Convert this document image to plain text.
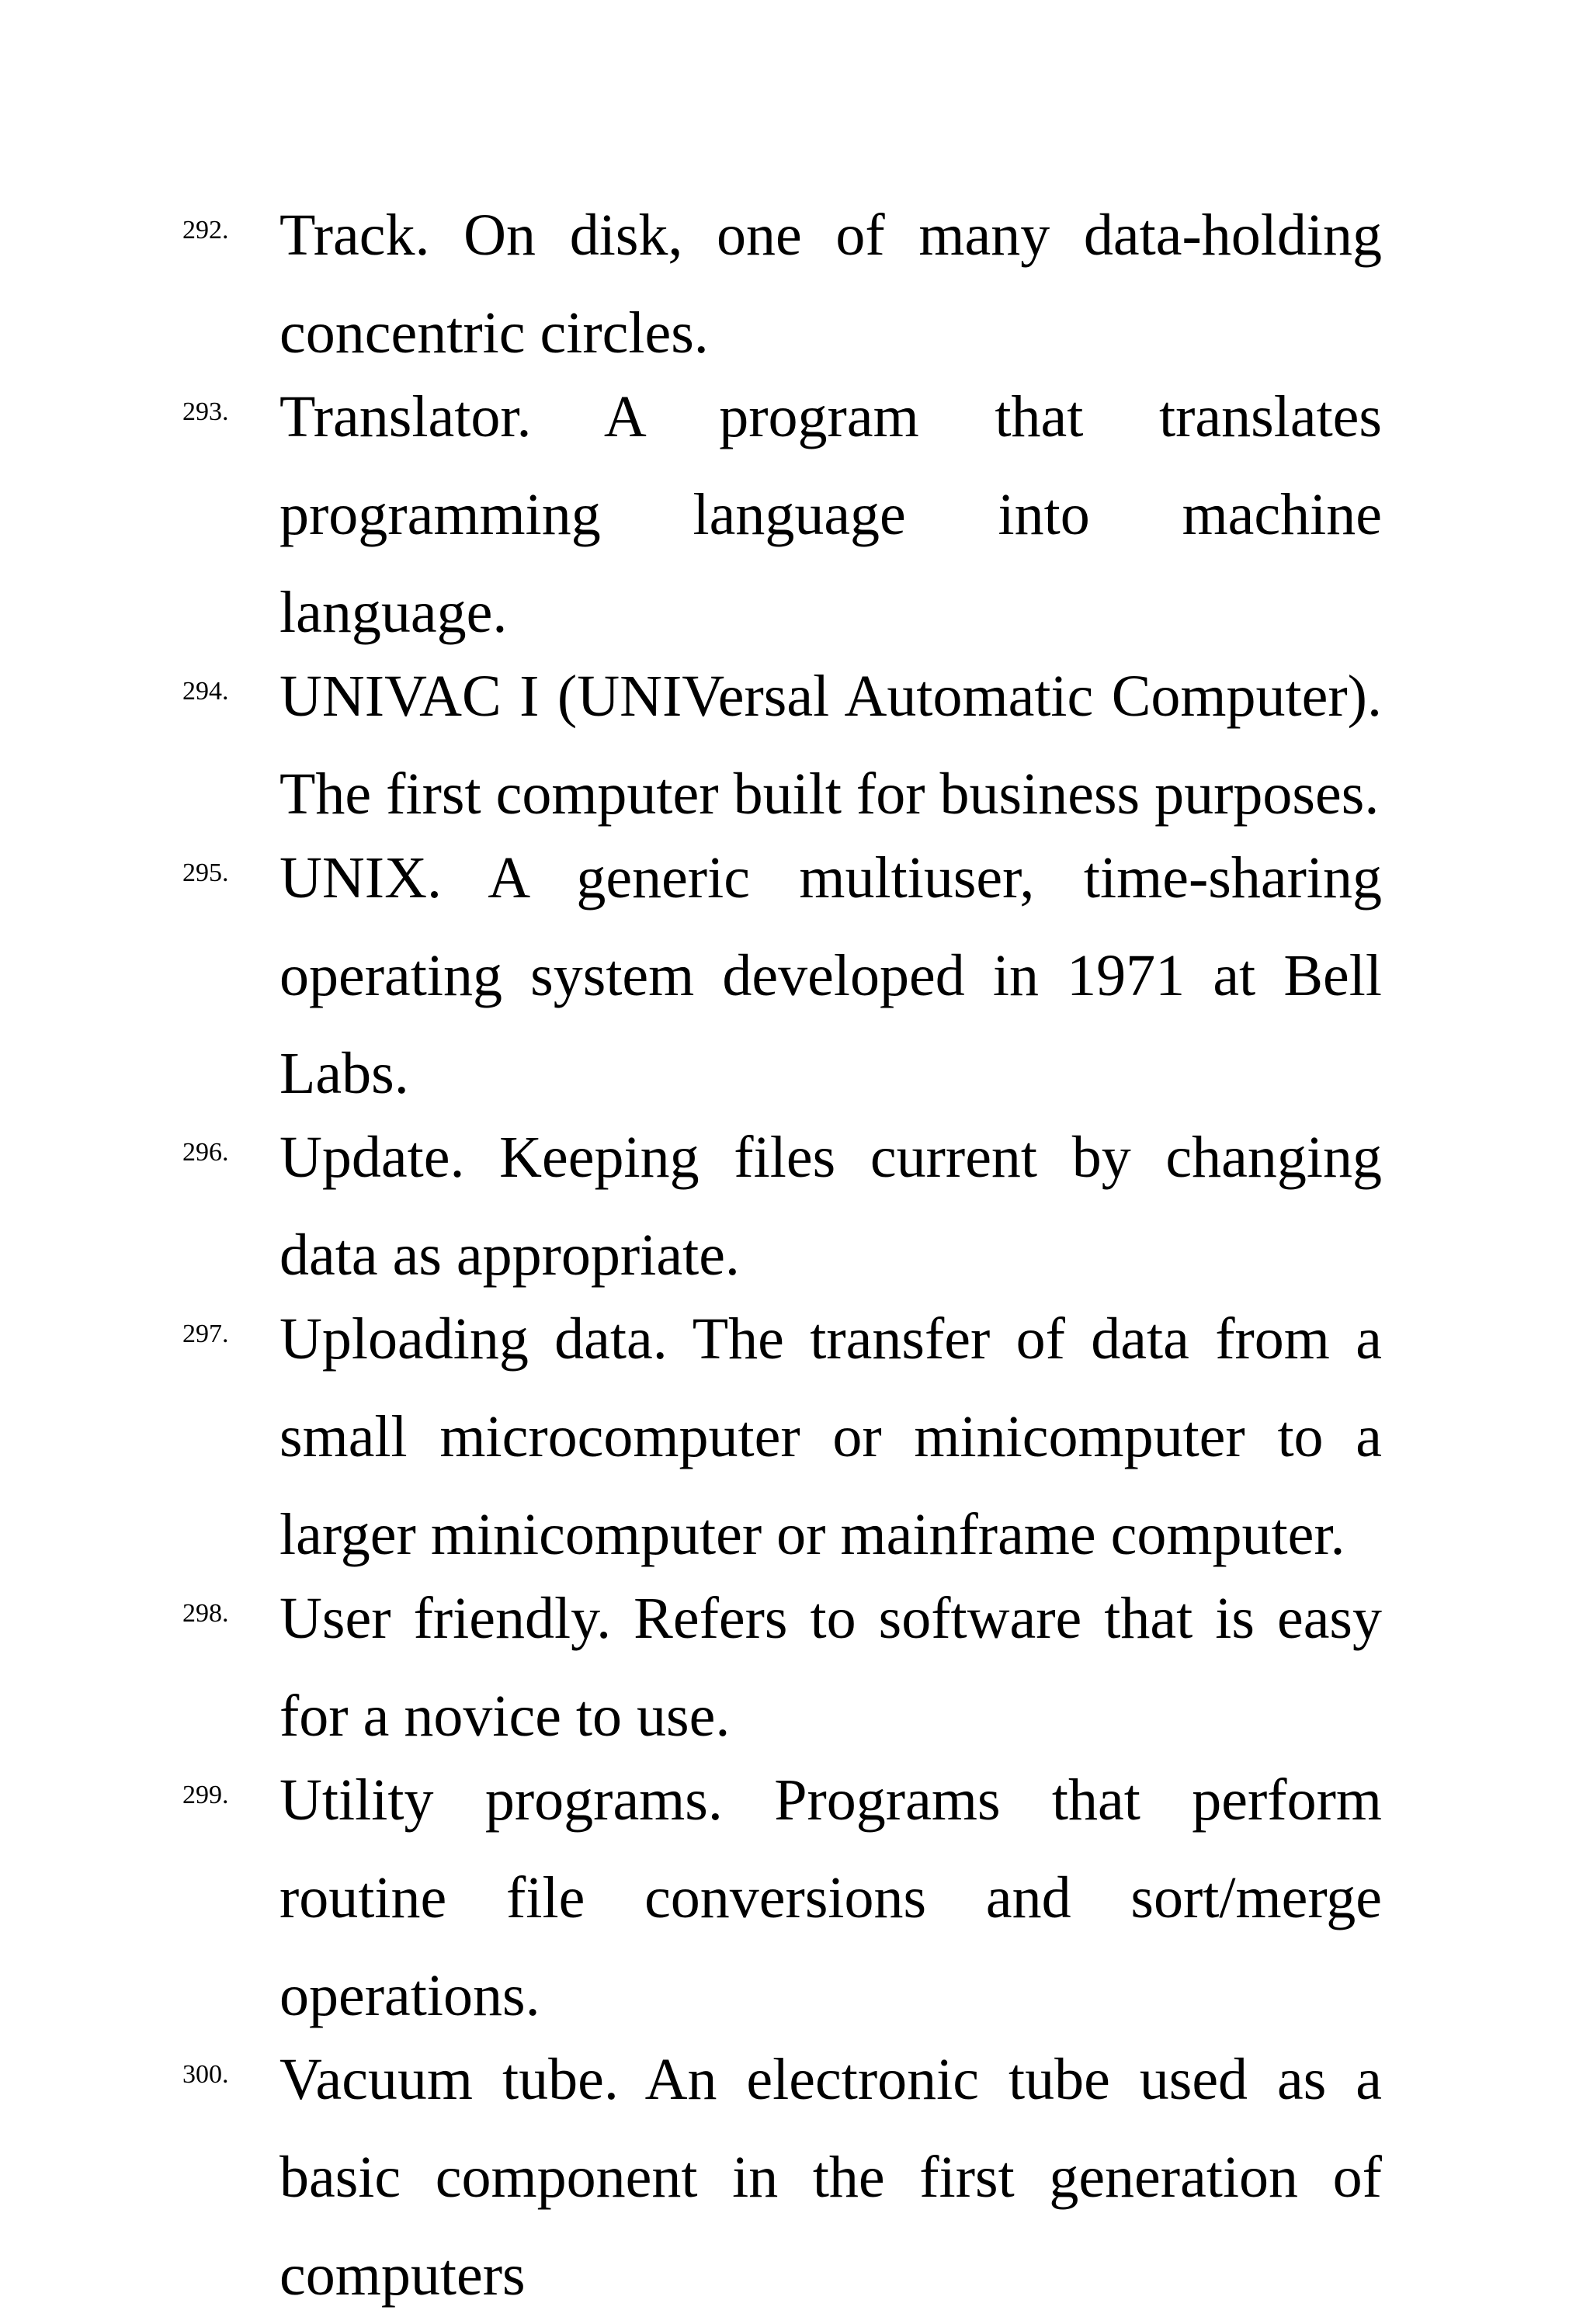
292. Track. On disk, one of many data-holding concentric circles.
293. Translator. A program that translates programming language into machine language.
294. UNIVAC I (UNIVersal Automatic Computer). The first computer built for business purposes.
295. UNIX. A generic multiuser, time-sharing operating system developed in 1971 at Bell Labs.
296. Update. Keeping files current by changing data as appropriate.
297. Uploading data. The transfer of data from a small microcomputer or minicomputer to a larger minicomputer or mainframe computer.
298. User friendly. Refers to software that is easy for a novice to use.
299. Utility programs. Programs that perform routine file conversions and sort/merge operations.
300. Vacuum tube. An electronic tube used as a basic component in the first generation of computers
